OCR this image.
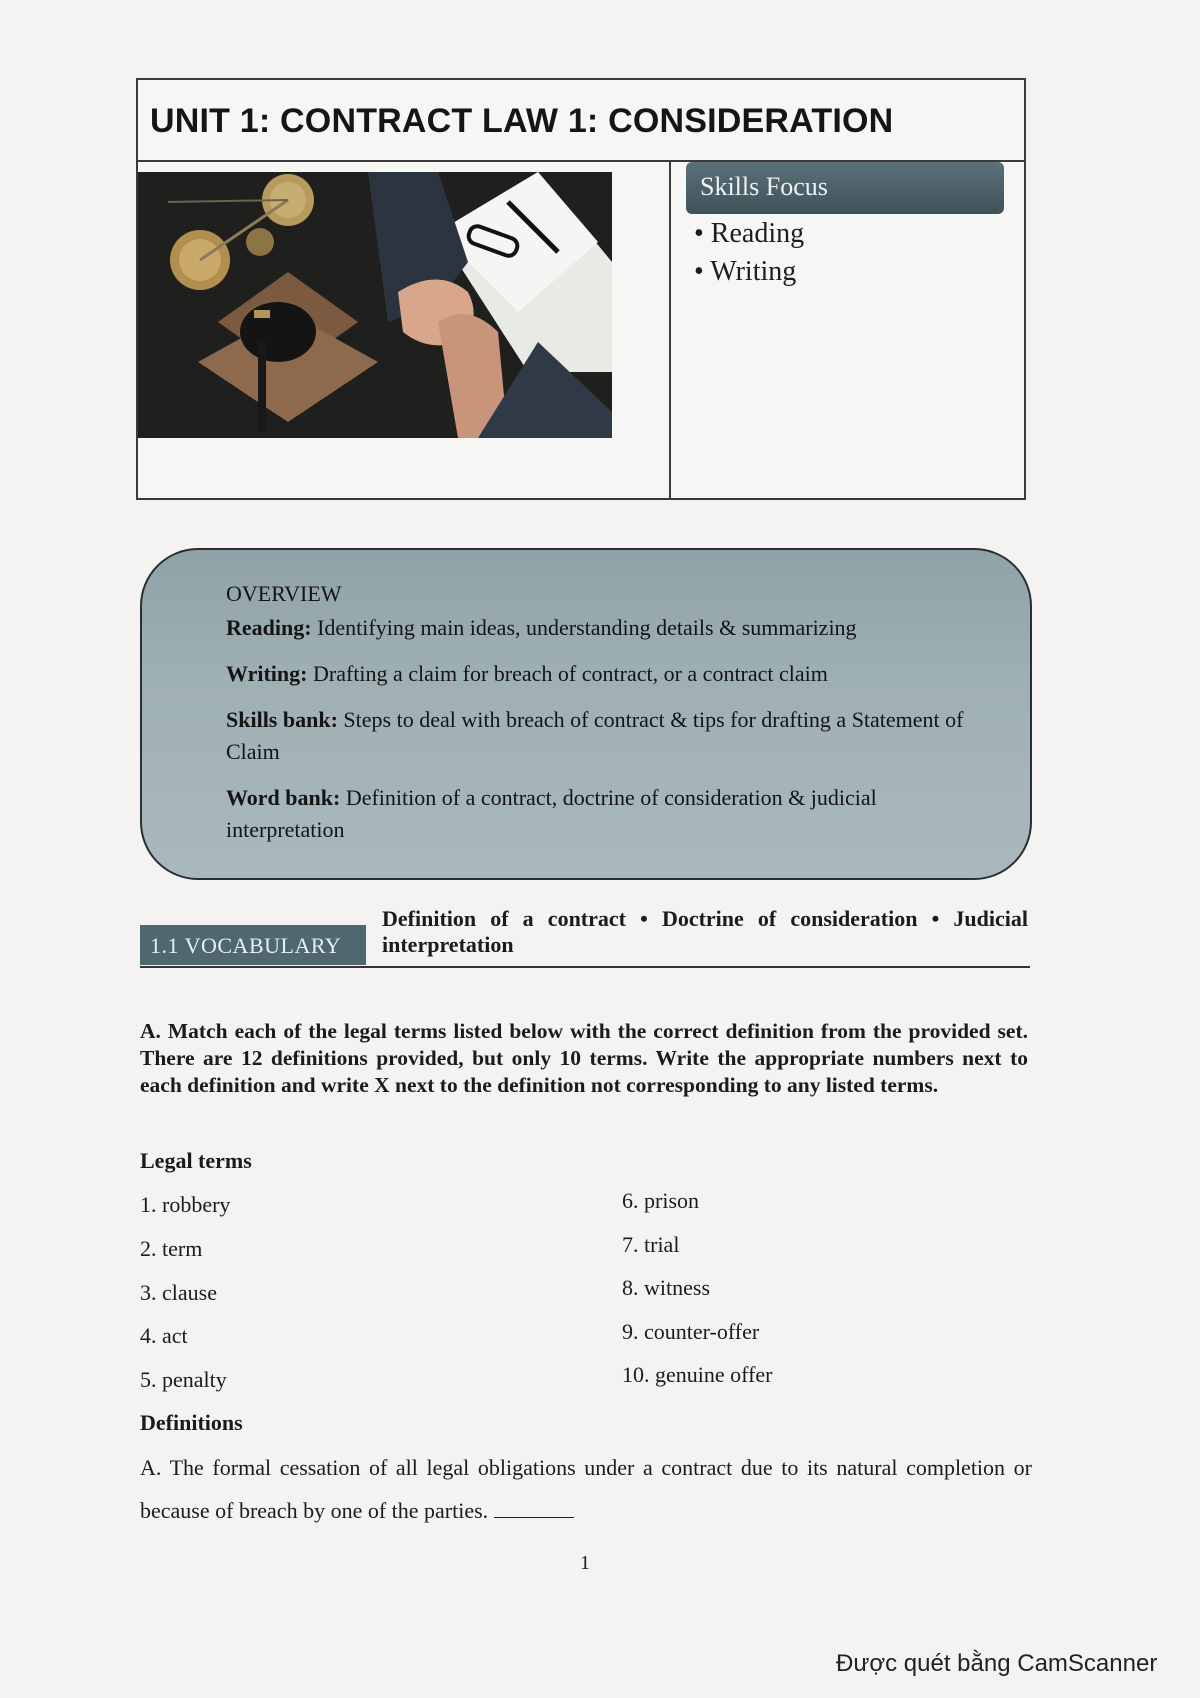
UNIT 1: CONTRACT LAW 1: CONSIDERATION
Skills Focus
• Reading
• Writing
OVERVIEW
Reading: Identifying main ideas, understanding details & summarizing
Writing: Drafting a claim for breach of contract, or a contract claim
Skills bank: Steps to deal with breach of contract & tips for drafting a Statement of Claim
Word bank: Definition of a contract, doctrine of consideration & judicial interpretation
1.1 VOCABULARY
Definition of a contract • Doctrine of consideration • Judicial interpretation
A. Match each of the legal terms listed below with the correct definition from the provided set. There are 12 definitions provided, but only 10 terms. Write the appropriate numbers next to each definition and write X next to the definition not corresponding to any listed terms.
Legal terms
1. robbery
2. term
3. clause
4. act
5. penalty
6. prison
7. trial
8. witness
9. counter-offer
10. genuine offer
Definitions
A. The formal cessation of all legal obligations under a contract due to its natural completion or because of breach by one of the parties.
1
Được quét bằng CamScanner
